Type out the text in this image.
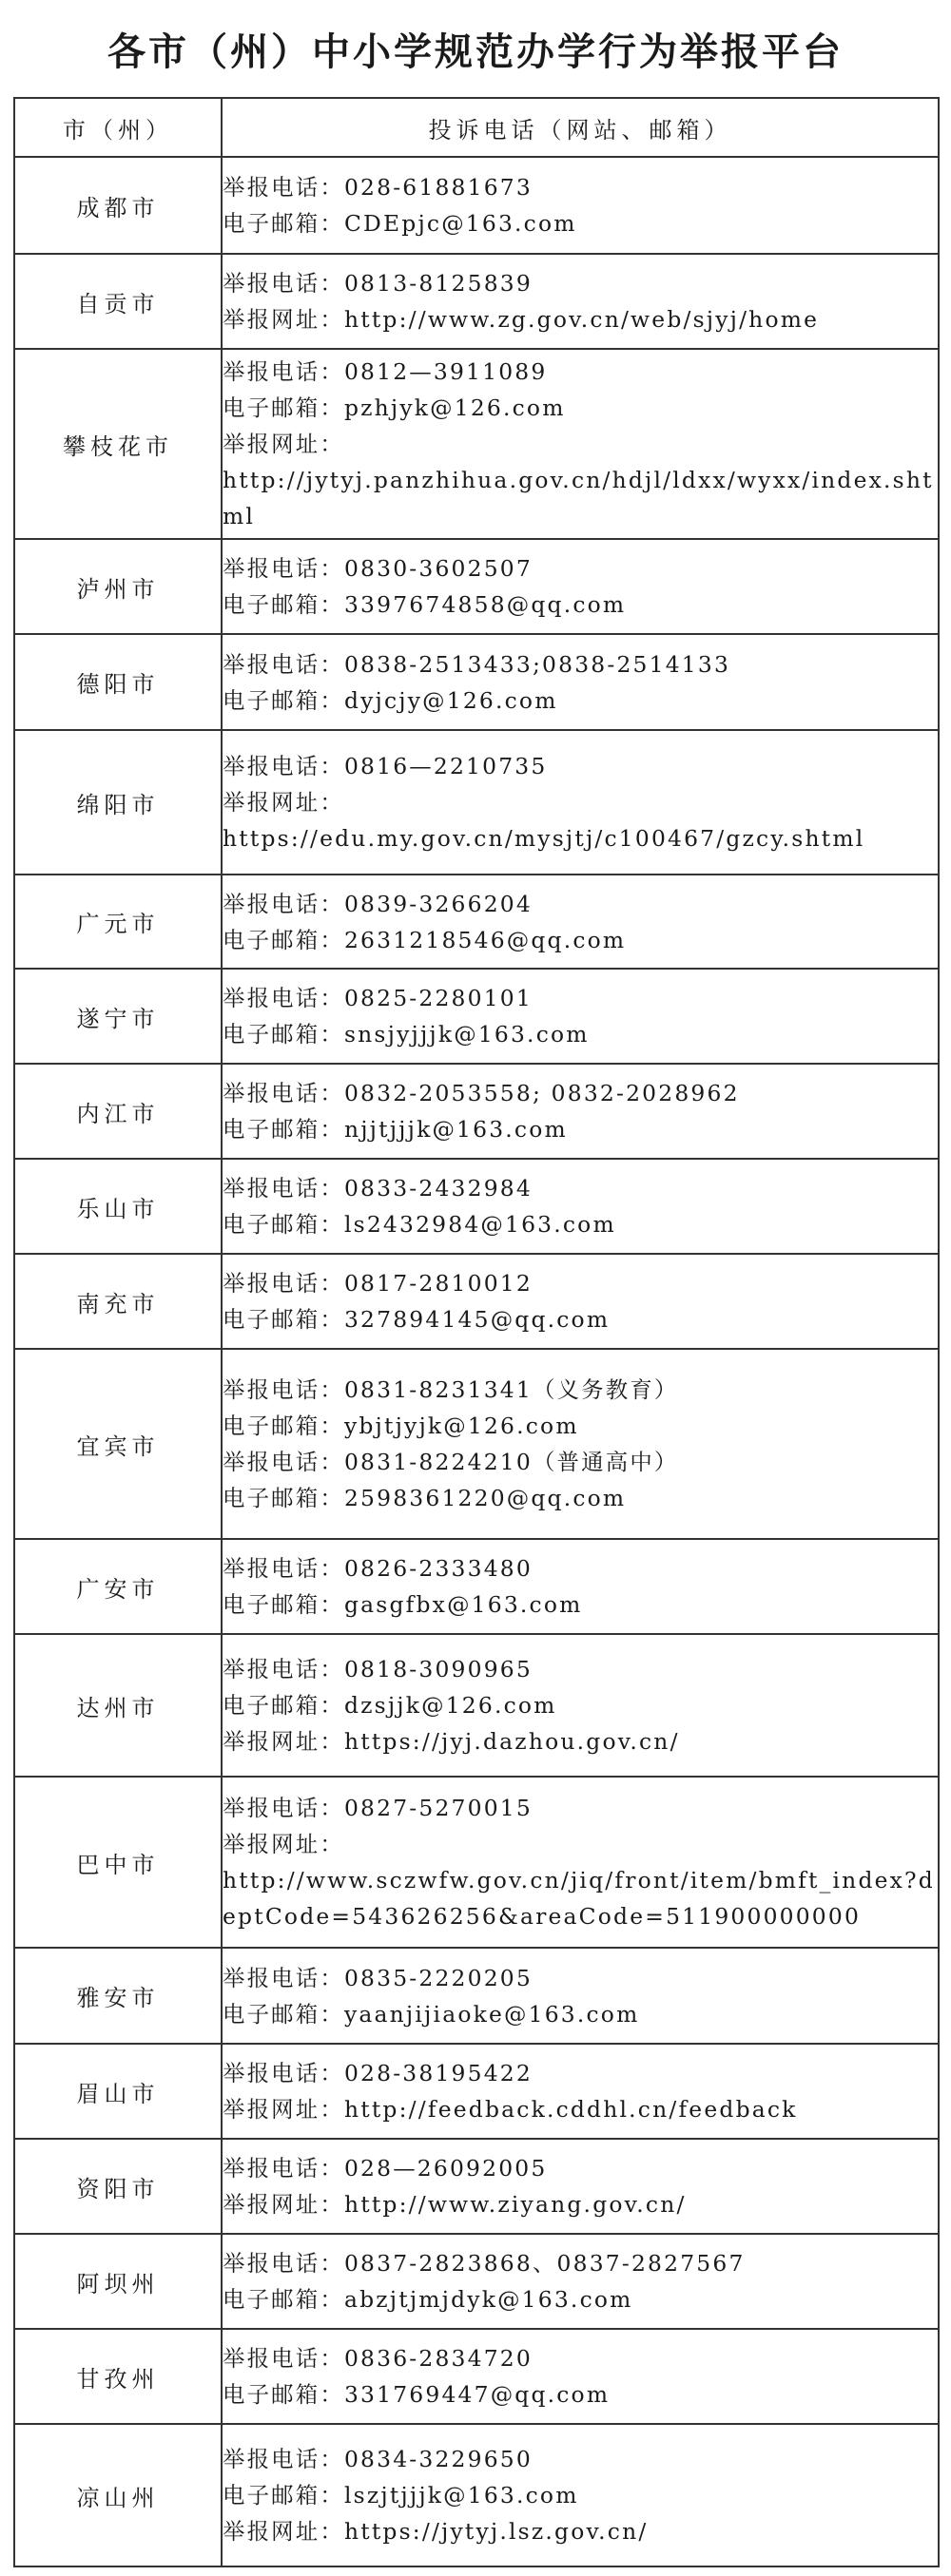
各市（州）中小学规范办学行为举报平台
市（州）	投诉电话（网站、邮箱）
成都市	举报电话：028-61881673
电子邮箱：CDEpjc@163.com

自贡市	举报电话：0813-8125839
举报网址：http://www.zg.gov.cn/web/sjyj/home

攀枝花市	举报电话：0812—3911089
电子邮箱：pzhjyk@126.com
举报网址：
http://jytyj.panzhihua.gov.cn/hdjl/ldxx/wyxx/index.shtml

泸州市	举报电话：0830-3602507
电子邮箱：3397674858@qq.com

德阳市	举报电话：0838-2513433;0838-2514133
电子邮箱：dyjcjy@126.com

绵阳市	举报电话：0816—2210735
举报网址：
https://edu.my.gov.cn/mysjtj/c100467/gzcy.shtml

广元市	举报电话：0839-3266204
电子邮箱：2631218546@qq.com

遂宁市	举报电话：0825-2280101
电子邮箱：snsjyjjjk@163.com

内江市	举报电话：0832-2053558; 0832-2028962
电子邮箱：njjtjjjk@163.com

乐山市	举报电话：0833-2432984
电子邮箱：ls2432984@163.com

南充市	举报电话：0817-2810012
电子邮箱：327894145@qq.com

宜宾市	举报电话：0831-8231341（义务教育）
电子邮箱：ybjtjyjk@126.com
举报电话：0831-8224210（普通高中）
电子邮箱：2598361220@qq.com

广安市	举报电话：0826-2333480
电子邮箱：gasgfbx@163.com

达州市	举报电话：0818-3090965
电子邮箱：dzsjjk@126.com
举报网址：https://jyj.dazhou.gov.cn/

巴中市	举报电话：0827-5270015
举报网址：
http://www.sczwfw.gov.cn/jiq/front/item/bmft_index?deptCode=543626256&areaCode=511900000000

雅安市	举报电话：0835-2220205
电子邮箱：yaanjijiaoke@163.com

眉山市	举报电话：028-38195422
举报网址：http://feedback.cddhl.cn/feedback

资阳市	举报电话：028—26092005
举报网址：http://www.ziyang.gov.cn/

阿坝州	举报电话：0837-2823868、0837-2827567
电子邮箱：abzjtjmjdyk@163.com

甘孜州	举报电话：0836-2834720
电子邮箱：331769447@qq.com

凉山州	举报电话：0834-3229650
电子邮箱：lszjtjjjk@163.com
举报网址：https://jytyj.lsz.gov.cn/
